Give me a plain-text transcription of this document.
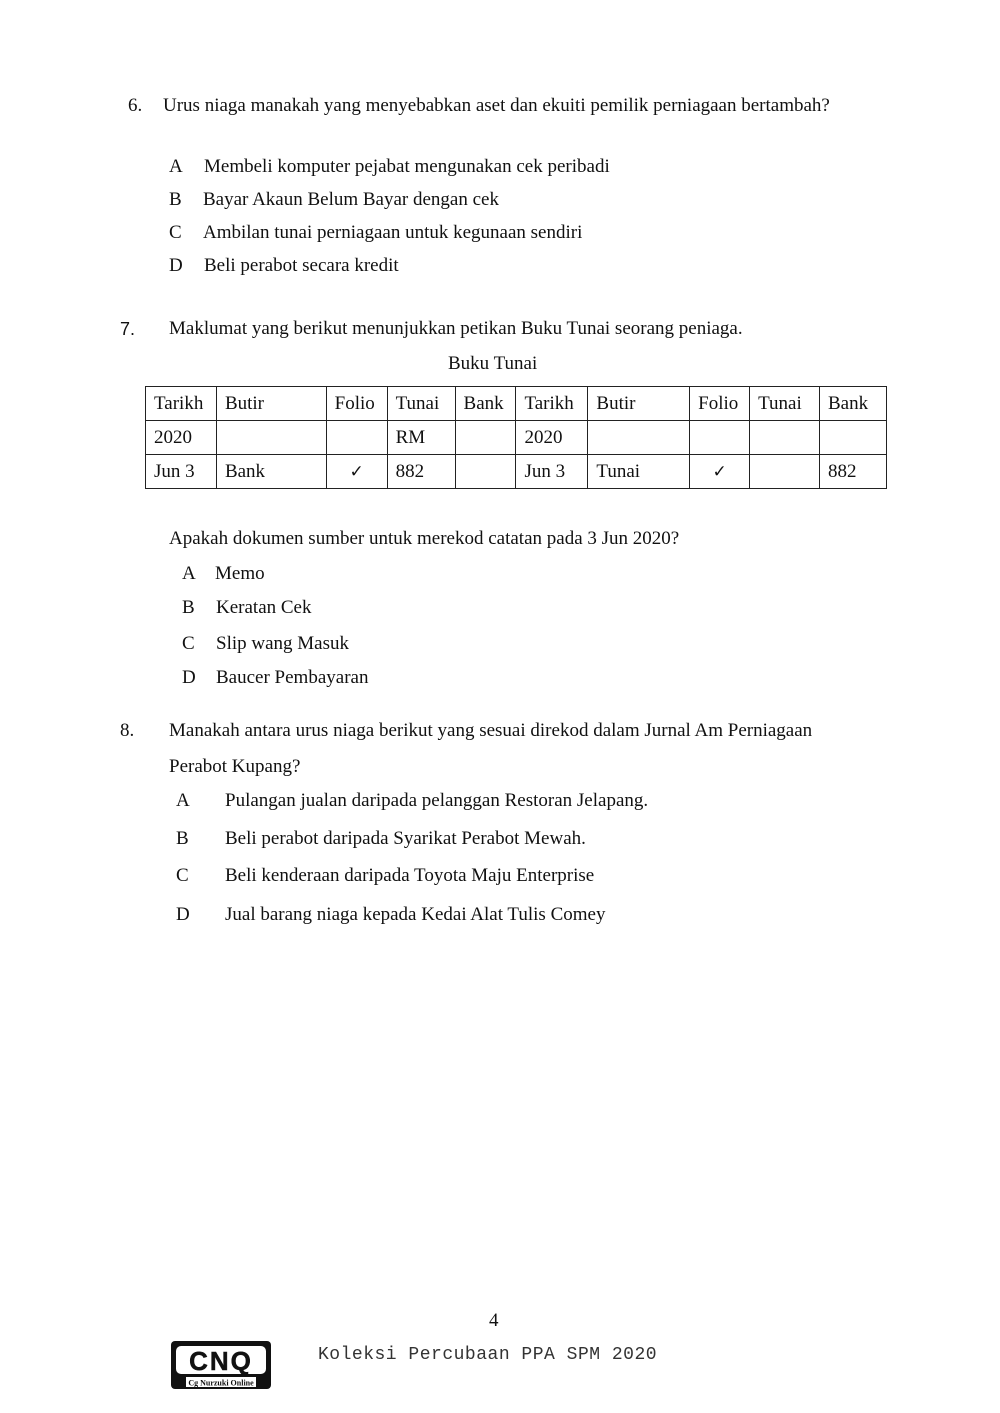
6. Urus niaga manakah yang menyebabkan aset dan ekuiti pemilik perniagaan bertambah?
A Membeli komputer pejabat mengunakan cek peribadi
B Bayar Akaun Belum Bayar dengan cek
C Ambilan tunai perniagaan untuk kegunaan sendiri
D Beli perabot secara kredit
7. Maklumat yang berikut menunjukkan petikan Buku Tunai seorang peniaga.
Buku Tunai
Tarikh	Butir	Folio	Tunai	Bank	Tarikh	Butir	Folio	Tunai	Bank
2020			RM		2020				
Jun 3	Bank	✓	882		Jun 3	Tunai	✓		882
Apakah dokumen sumber untuk merekod catatan pada 3 Jun 2020?
A Memo
B Keratan Cek
C Slip wang Masuk
D Baucer Pembayaran
8. Manakah antara urus niaga berikut yang sesuai direkod dalam Jurnal Am Perniagaan
Perabot Kupang?
A Pulangan jualan daripada pelanggan Restoran Jelapang.
B Beli perabot daripada Syarikat Perabot Mewah.
C Beli kenderaan daripada Toyota Maju Enterprise
D Jual barang niaga kepada Kedai Alat Tulis Comey
4
CNQ
Cg Nurzuki Online
Koleksi Percubaan PPA SPM 2020
